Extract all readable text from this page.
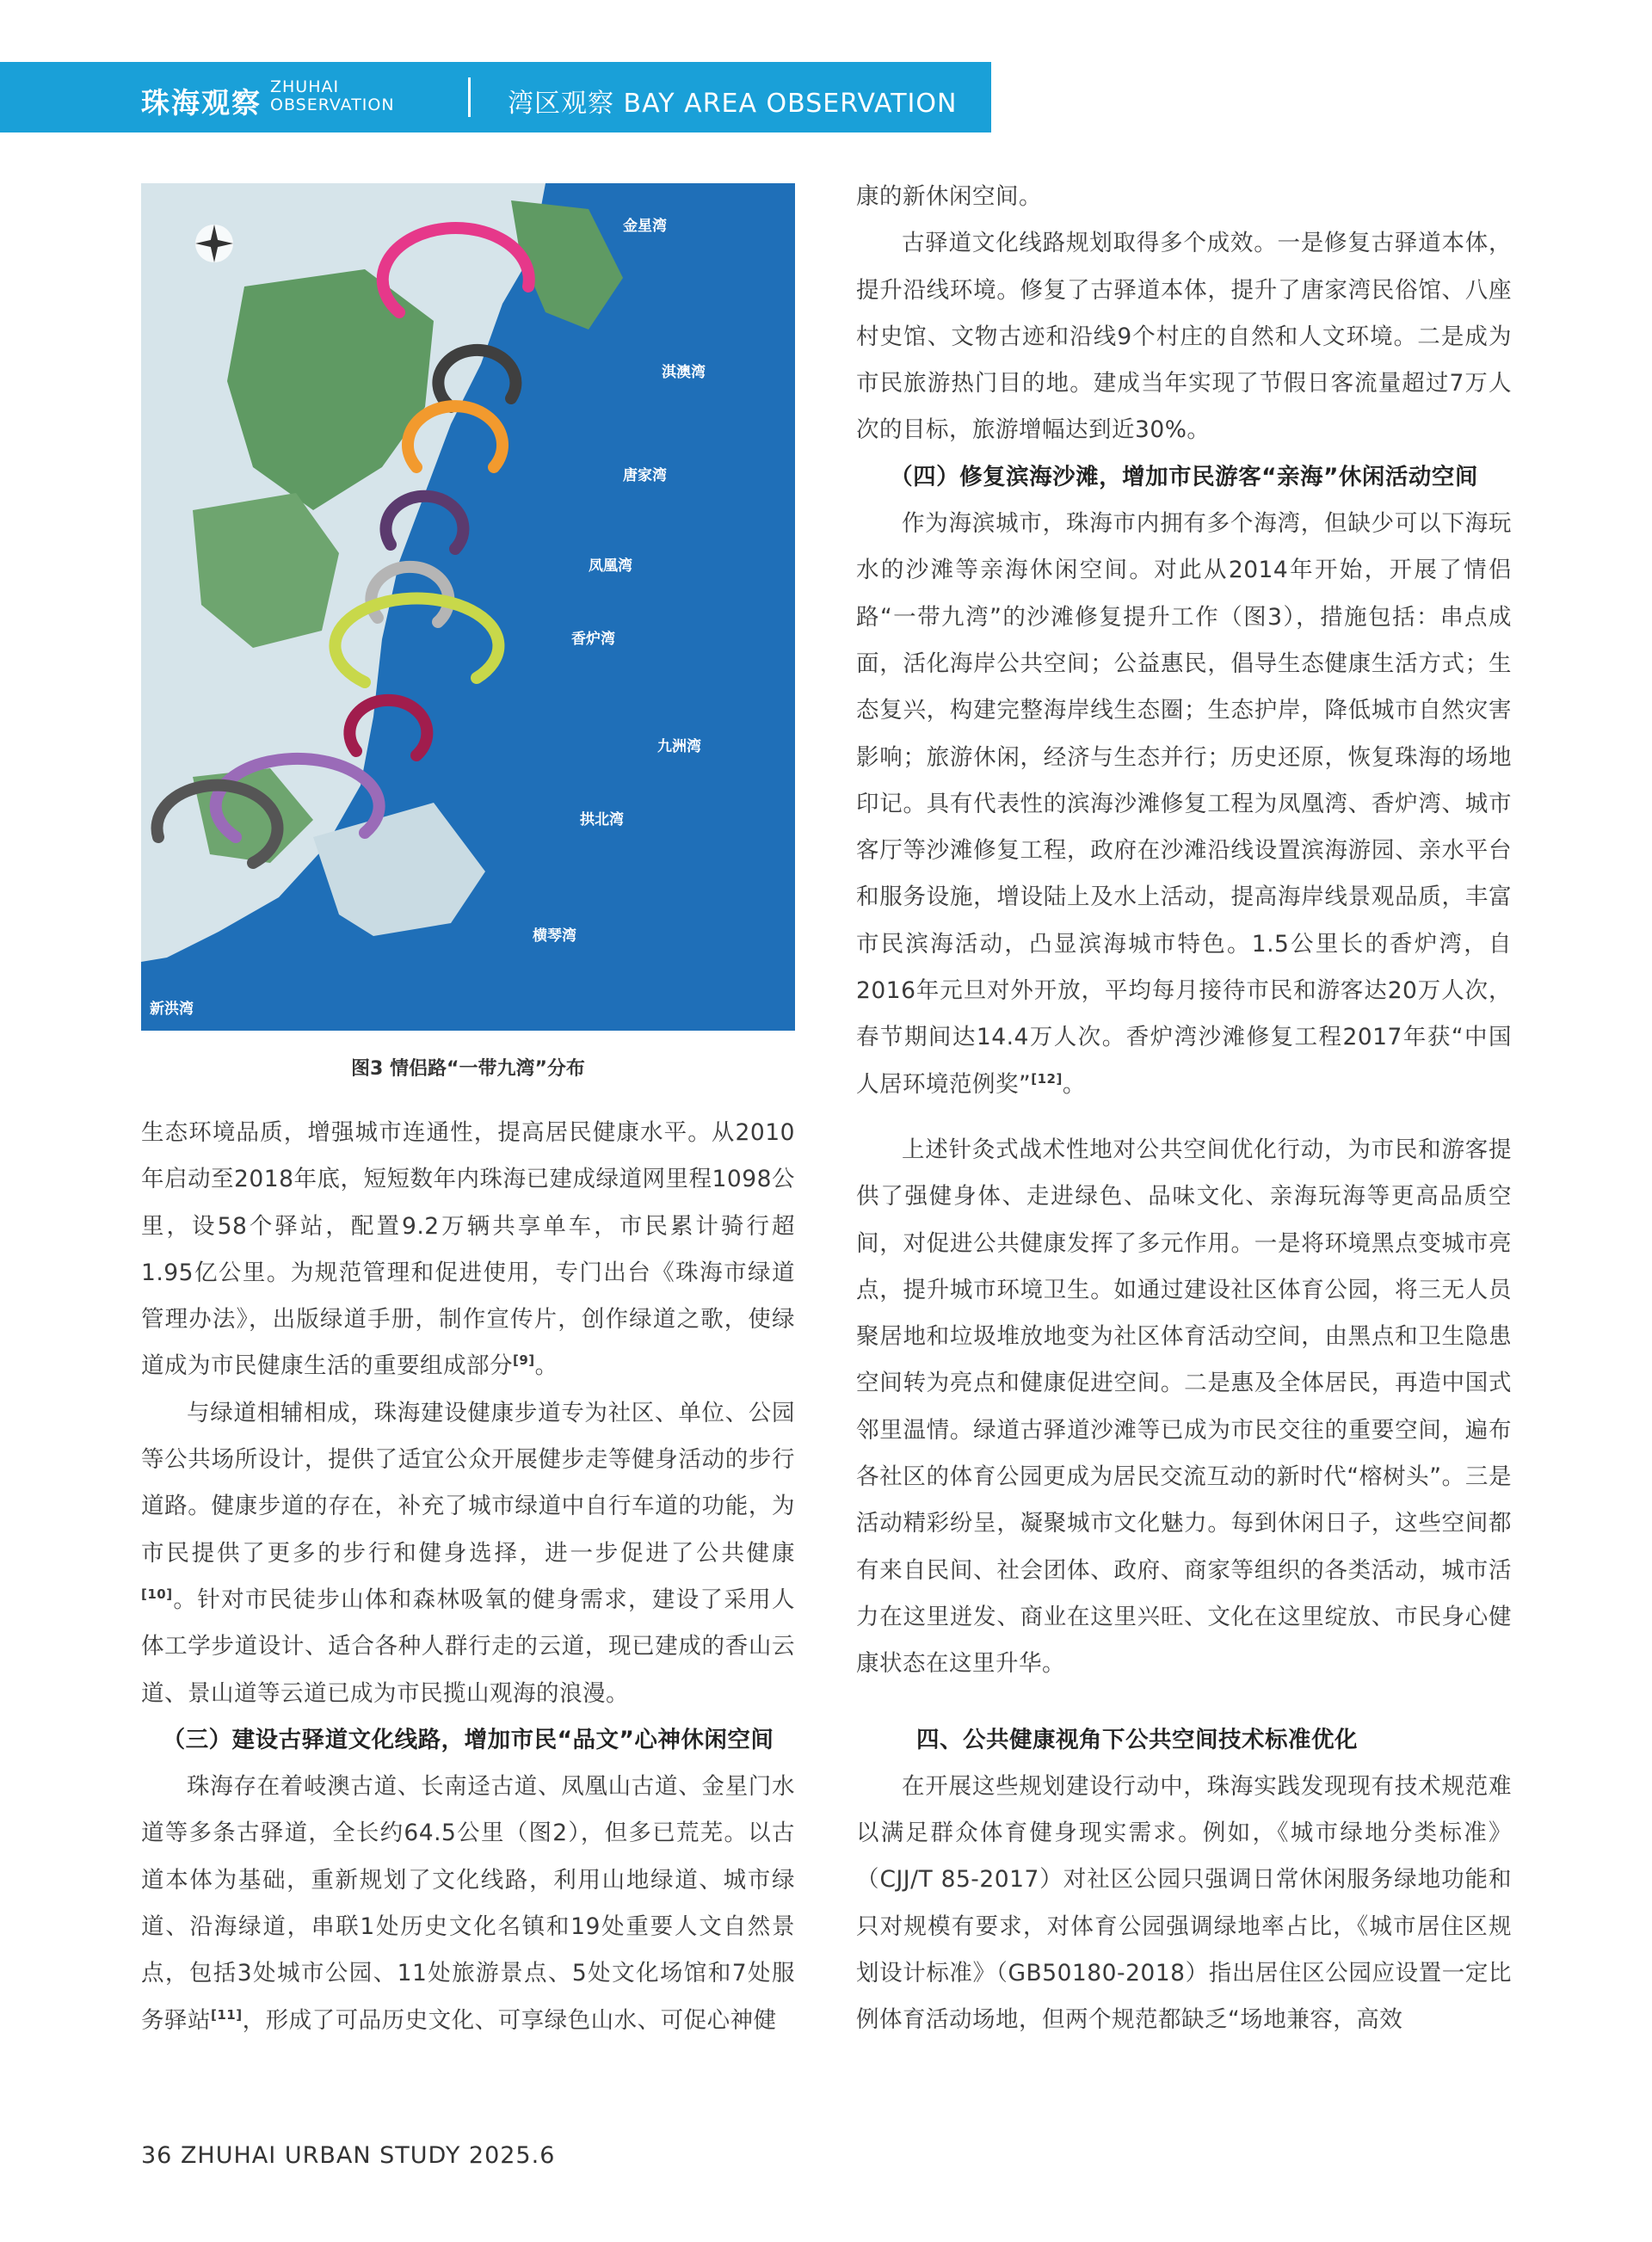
珠海观察 ZHUHAI
OBSERVATION	湾区观察 BAY AREA OBSERVATION
金星湾
淇澳湾
唐家湾
凤凰湾
香炉湾
九洲湾
拱北湾
横琴湾
新洪湾
图3 情侣路“一带九湾”分布

生态环境品质，增强城市连通性，提高居民健康水平。从2010年启动至2018年底，短短数年内珠海已建成绿道网里程1098公里，设58个驿站，配置9.2万辆共享单车，市民累计骑行超1.95亿公里。为规范管理和促进使用，专门出台《珠海市绿道管理办法》，出版绿道手册，制作宣传片，创作绿道之歌，使绿道成为市民健康生活的重要组成部分[9]。

与绿道相辅相成，珠海建设健康步道专为社区、单位、公园等公共场所设计，提供了适宜公众开展健步走等健身活动的步行道路。健康步道的存在，补充了城市绿道中自行车道的功能，为市民提供了更多的步行和健身选择，进一步促进了公共健康[10]。针对市民徒步山体和森林吸氧的健身需求，建设了采用人体工学步道设计、适合各种人群行走的云道，现已建成的香山云道、景山道等云道已成为市民揽山观海的浪漫。

（三）建设古驿道文化线路，增加市民“品文”心神休闲空间

珠海存在着岐澳古道、长南迳古道、凤凰山古道、金星门水道等多条古驿道，全长约64.5公里（图2），但多已荒芜。以古道本体为基础，重新规划了文化线路，利用山地绿道、城市绿道、沿海绿道，串联1处历史文化名镇和19处重要人文自然景点，包括3处城市公园、11处旅游景点、5处文化场馆和7处服务驿站[11]，形成了可品历史文化、可享绿色山水、可促心神健

康的新休闲空间。

古驿道文化线路规划取得多个成效。一是修复古驿道本体，提升沿线环境。修复了古驿道本体，提升了唐家湾民俗馆、八座村史馆、文物古迹和沿线9个村庄的自然和人文环境。二是成为市民旅游热门目的地。建成当年实现了节假日客流量超过7万人次的目标，旅游增幅达到近30%。

（四）修复滨海沙滩，增加市民游客“亲海”休闲活动空间

作为海滨城市，珠海市内拥有多个海湾，但缺少可以下海玩水的沙滩等亲海休闲空间。对此从2014年开始，开展了情侣路“一带九湾”的沙滩修复提升工作（图3），措施包括：串点成面，活化海岸公共空间；公益惠民，倡导生态健康生活方式；生态复兴，构建完整海岸线生态圈；生态护岸，降低城市自然灾害影响；旅游休闲，经济与生态并行；历史还原，恢复珠海的场地印记。具有代表性的滨海沙滩修复工程为凤凰湾、香炉湾、城市客厅等沙滩修复工程，政府在沙滩沿线设置滨海游园、亲水平台和服务设施，增设陆上及水上活动，提高海岸线景观品质，丰富市民滨海活动，凸显滨海城市特色。1.5公里长的香炉湾，自2016年元旦对外开放，平均每月接待市民和游客达20万人次，春节期间达14.4万人次。香炉湾沙滩修复工程2017年获“中国人居环境范例奖”[12]。

上述针灸式战术性地对公共空间优化行动，为市民和游客提供了强健身体、走进绿色、品味文化、亲海玩海等更高品质空间，对促进公共健康发挥了多元作用。一是将环境黑点变城市亮点，提升城市环境卫生。如通过建设社区体育公园，将三无人员聚居地和垃圾堆放地变为社区体育活动空间，由黑点和卫生隐患空间转为亮点和健康促进空间。二是惠及全体居民，再造中国式邻里温情。绿道古驿道沙滩等已成为市民交往的重要空间，遍布各社区的体育公园更成为居民交流互动的新时代“榕树头”。三是活动精彩纷呈，凝聚城市文化魅力。每到休闲日子，这些空间都有来自民间、社会团体、政府、商家等组织的各类活动，城市活力在这里迸发、商业在这里兴旺、文化在这里绽放、市民身心健康状态在这里升华。

四、公共健康视角下公共空间技术标准优化

在开展这些规划建设行动中，珠海实践发现现有技术规范难以满足群众体育健身现实需求。例如，《城市绿地分类标准》（CJJ/T 85-2017）对社区公园只强调日常休闲服务绿地功能和只对规模有要求，对体育公园强调绿地率占比，《城市居住区规划设计标准》（GB50180-2018）指出居住区公园应设置一定比例体育活动场地，但两个规范都缺乏“场地兼容，高效

36 ZHUHAI URBAN STUDY 2025.6
